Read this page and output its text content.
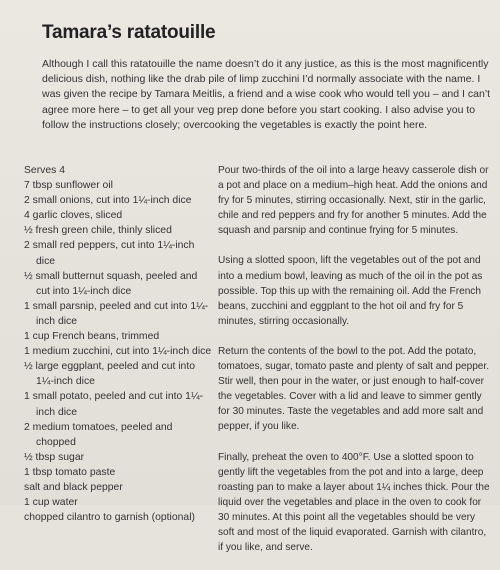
Tamara’s ratatouille
Although I call this ratatouille the name doesn’t do it any justice, as this is the most magnificently delicious dish, nothing like the drab pile of limp zucchini I’d normally associate with the name. I was given the recipe by Tamara Meitlis, a friend and a wise cook who would tell you – and I can’t agree more here – to get all your veg prep done before you start cooking. I also advise you to follow the instructions closely; overcooking the vegetables is exactly the point here.
Serves 4
7 tbsp sunflower oil
2 small onions, cut into 1¼-inch dice
4 garlic cloves, sliced
½ fresh green chile, thinly sliced
2 small red peppers, cut into 1¼-inch dice
½ small butternut squash, peeled and cut into 1¼-inch dice
1 small parsnip, peeled and cut into 1¼-inch dice
1 cup French beans, trimmed
1 medium zucchini, cut into 1¼-inch dice
½ large eggplant, peeled and cut into 1¼-inch dice
1 small potato, peeled and cut into 1¼-inch dice
2 medium tomatoes, peeled and chopped
½ tbsp sugar
1 tbsp tomato paste
salt and black pepper
1 cup water
chopped cilantro to garnish (optional)

Pour two-thirds of the oil into a large heavy casserole dish or a pot and place on a medium–high heat. Add the onions and fry for 5 minutes, stirring occasionally. Next, stir in the garlic, chile and red peppers and fry for another 5 minutes. Add the squash and parsnip and continue frying for 5 minutes.

Using a slotted spoon, lift the vegetables out of the pot and into a medium bowl, leaving as much of the oil in the pot as possible. Top this up with the remaining oil. Add the French beans, zucchini and eggplant to the hot oil and fry for 5 minutes, stirring occasionally.

Return the contents of the bowl to the pot. Add the potato, tomatoes, sugar, tomato paste and plenty of salt and pepper. Stir well, then pour in the water, or just enough to half-cover the vegetables. Cover with a lid and leave to simmer gently for 30 minutes. Taste the vegetables and add more salt and pepper, if you like.

Finally, preheat the oven to 400°F. Use a slotted spoon to gently lift the vegetables from the pot and into a large, deep roasting pan to make a layer about 1¼ inches thick. Pour the liquid over the vegetables and place in the oven to cook for 30 minutes. At this point all the vegetables should be very soft and most of the liquid evaporated. Garnish with cilantro, if you like, and serve.
